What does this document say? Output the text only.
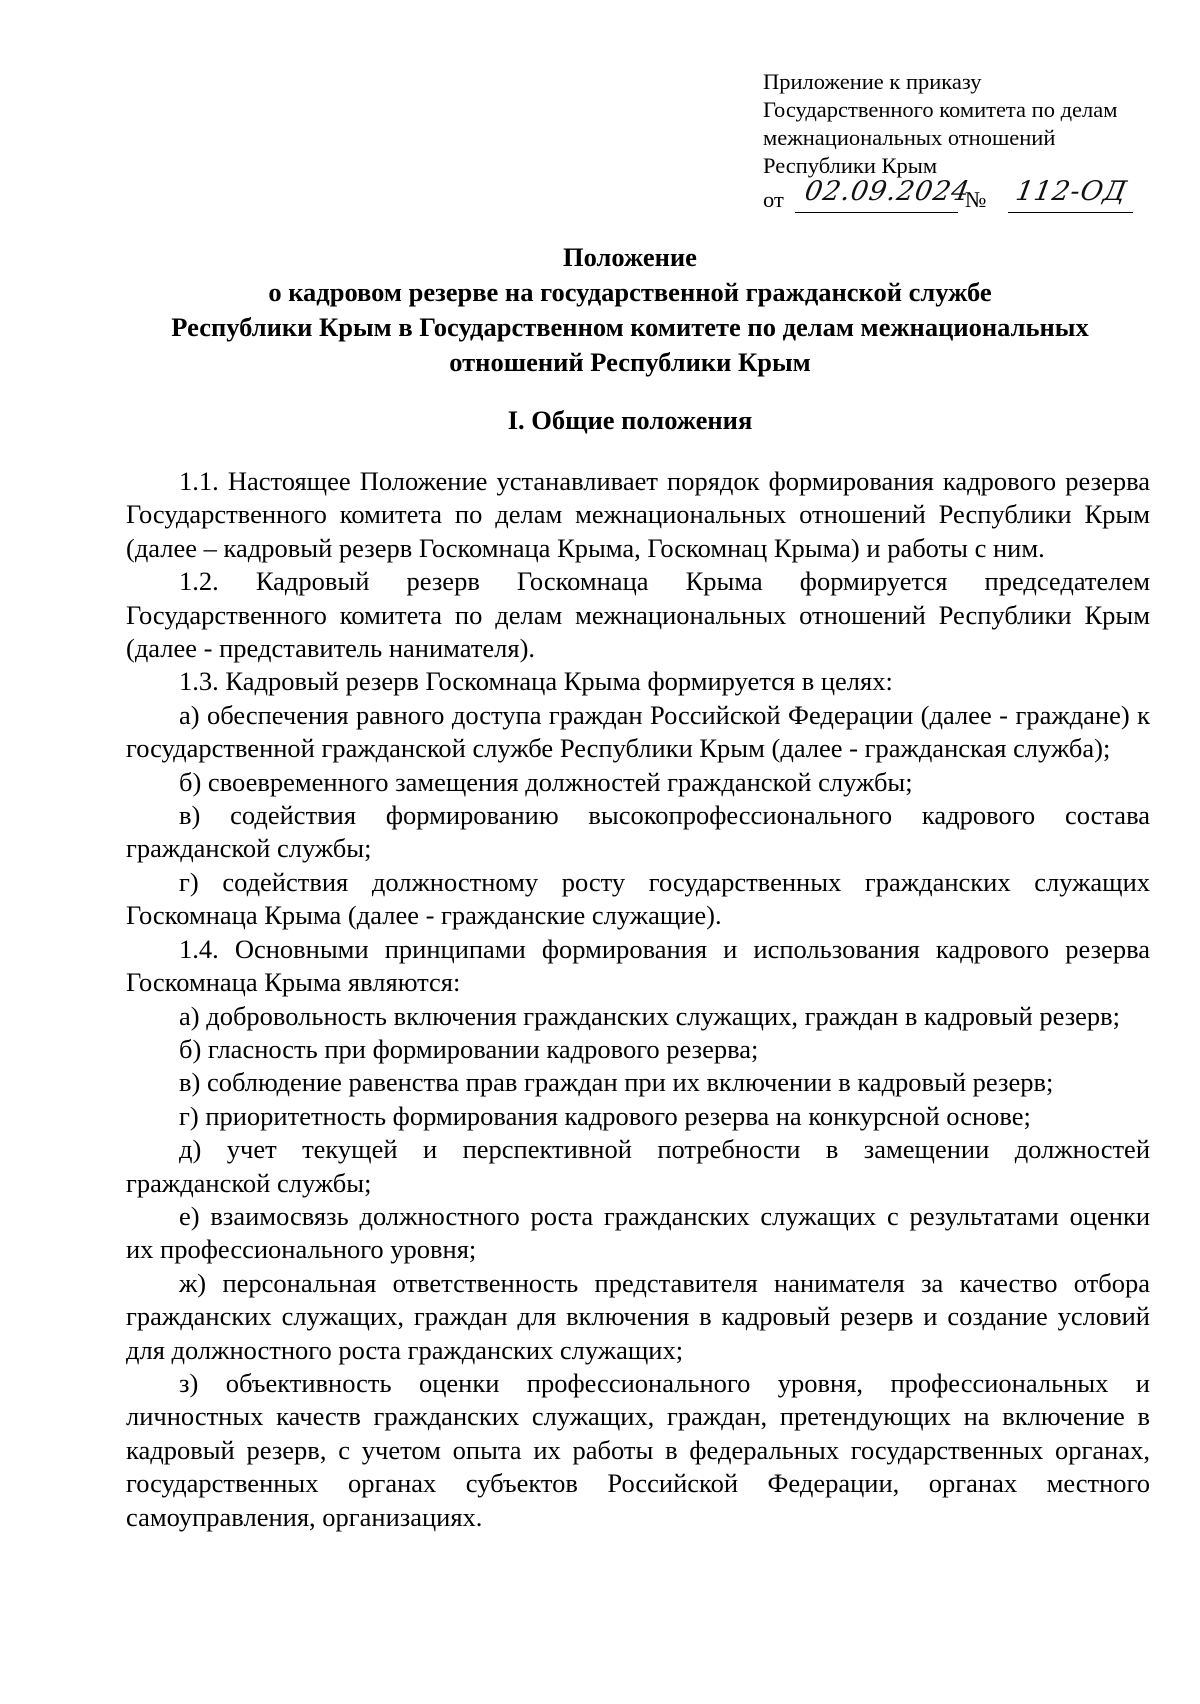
Приложение к приказу
Государственного комитета по делам
межнациональных отношений
Республики Крым
от 02.09.2024
№ 112-ОД
Положение
о кадровом резерве на государственной гражданской службе
Республики Крым в Государственном комитете по делам межнациональных
отношений Республики Крым
I. Общие положения

1.1. Настоящее Положение устанавливает порядок формирования кадрового резерва Государственного комитета по делам межнациональных отношений Республики Крым (далее – кадровый резерв Госкомнаца Крыма, Госкомнац Крыма) и работы с ним.

1.2. Кадровый резерв Госкомнаца Крыма формируется председателем Государственного комитета по делам межнациональных отношений Республики Крым (далее - представитель нанимателя).

1.3. Кадровый резерв Госкомнаца Крыма формируется в целях:

а) обеспечения равного доступа граждан Российской Федерации (далее - граждане) к государственной гражданской службе Республики Крым (далее - гражданская служба);

б) своевременного замещения должностей гражданской службы;

в) содействия формированию высокопрофессионального кадрового состава гражданской службы;

г) содействия должностному росту государственных гражданских служащих Госкомнаца Крыма (далее - гражданские служащие).

1.4. Основными принципами формирования и использования кадрового резерва Госкомнаца Крыма являются:

а) добровольность включения гражданских служащих, граждан в кадровый резерв;

б) гласность при формировании кадрового резерва;

в) соблюдение равенства прав граждан при их включении в кадровый резерв;

г) приоритетность формирования кадрового резерва на конкурсной основе;

д) учет текущей и перспективной потребности в замещении должностей гражданской службы;

е) взаимосвязь должностного роста гражданских служащих с результатами оценки их профессионального уровня;

ж) персональная ответственность представителя нанимателя за качество отбора гражданских служащих, граждан для включения в кадровый резерв и создание условий для должностного роста гражданских служащих;

з) объективность оценки профессионального уровня, профессиональных и личностных качеств гражданских служащих, граждан, претендующих на включение в кадровый резерв, с учетом опыта их работы в федеральных государственных органах, государственных органах субъектов Российской Федерации, органах местного самоуправления, организациях.
